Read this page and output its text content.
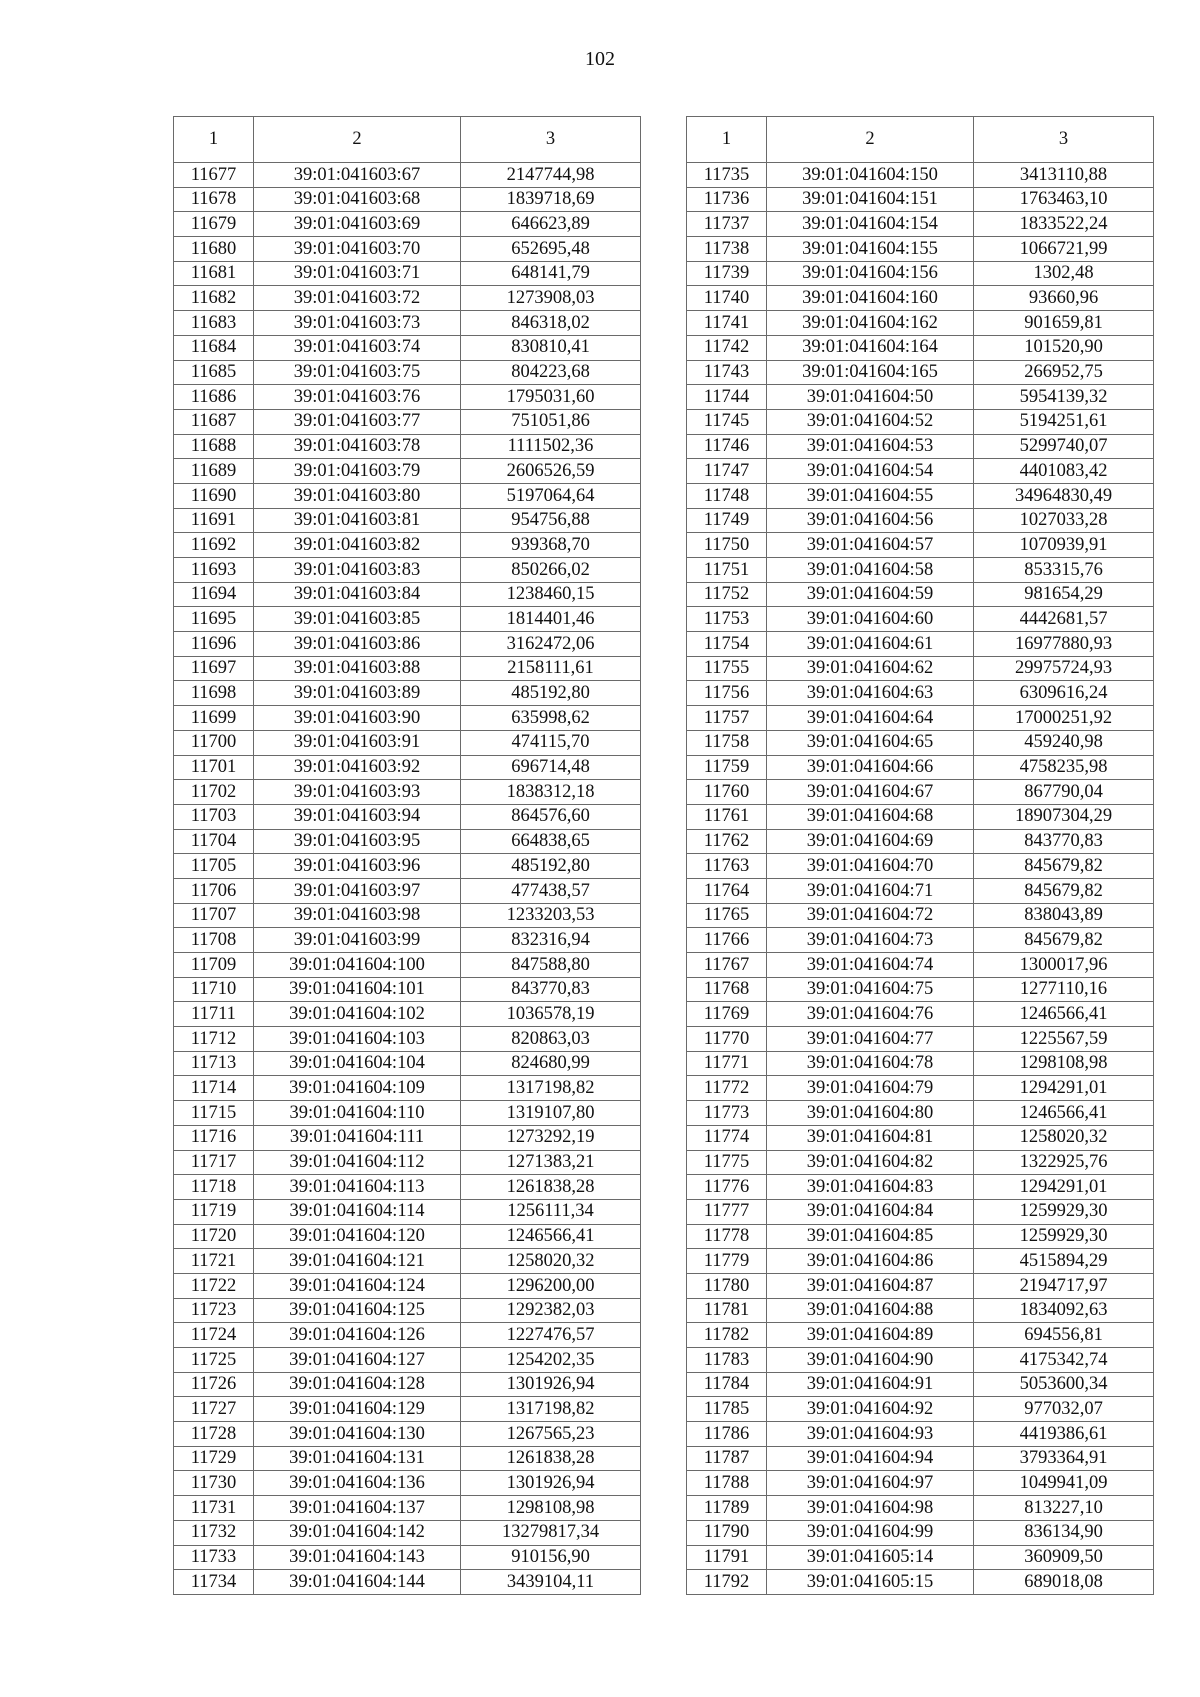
102
1	2	3
11677	39:01:041603:67	2147744,98
11678	39:01:041603:68	1839718,69
11679	39:01:041603:69	646623,89
11680	39:01:041603:70	652695,48
11681	39:01:041603:71	648141,79
11682	39:01:041603:72	1273908,03
11683	39:01:041603:73	846318,02
11684	39:01:041603:74	830810,41
11685	39:01:041603:75	804223,68
11686	39:01:041603:76	1795031,60
11687	39:01:041603:77	751051,86
11688	39:01:041603:78	1111502,36
11689	39:01:041603:79	2606526,59
11690	39:01:041603:80	5197064,64
11691	39:01:041603:81	954756,88
11692	39:01:041603:82	939368,70
11693	39:01:041603:83	850266,02
11694	39:01:041603:84	1238460,15
11695	39:01:041603:85	1814401,46
11696	39:01:041603:86	3162472,06
11697	39:01:041603:88	2158111,61
11698	39:01:041603:89	485192,80
11699	39:01:041603:90	635998,62
11700	39:01:041603:91	474115,70
11701	39:01:041603:92	696714,48
11702	39:01:041603:93	1838312,18
11703	39:01:041603:94	864576,60
11704	39:01:041603:95	664838,65
11705	39:01:041603:96	485192,80
11706	39:01:041603:97	477438,57
11707	39:01:041603:98	1233203,53
11708	39:01:041603:99	832316,94
11709	39:01:041604:100	847588,80
11710	39:01:041604:101	843770,83
11711	39:01:041604:102	1036578,19
11712	39:01:041604:103	820863,03
11713	39:01:041604:104	824680,99
11714	39:01:041604:109	1317198,82
11715	39:01:041604:110	1319107,80
11716	39:01:041604:111	1273292,19
11717	39:01:041604:112	1271383,21
11718	39:01:041604:113	1261838,28
11719	39:01:041604:114	1256111,34
11720	39:01:041604:120	1246566,41
11721	39:01:041604:121	1258020,32
11722	39:01:041604:124	1296200,00
11723	39:01:041604:125	1292382,03
11724	39:01:041604:126	1227476,57
11725	39:01:041604:127	1254202,35
11726	39:01:041604:128	1301926,94
11727	39:01:041604:129	1317198,82
11728	39:01:041604:130	1267565,23
11729	39:01:041604:131	1261838,28
11730	39:01:041604:136	1301926,94
11731	39:01:041604:137	1298108,98
11732	39:01:041604:142	13279817,34
11733	39:01:041604:143	910156,90
11734	39:01:041604:144	3439104,11
1	2	3
11735	39:01:041604:150	3413110,88
11736	39:01:041604:151	1763463,10
11737	39:01:041604:154	1833522,24
11738	39:01:041604:155	1066721,99
11739	39:01:041604:156	1302,48
11740	39:01:041604:160	93660,96
11741	39:01:041604:162	901659,81
11742	39:01:041604:164	101520,90
11743	39:01:041604:165	266952,75
11744	39:01:041604:50	5954139,32
11745	39:01:041604:52	5194251,61
11746	39:01:041604:53	5299740,07
11747	39:01:041604:54	4401083,42
11748	39:01:041604:55	34964830,49
11749	39:01:041604:56	1027033,28
11750	39:01:041604:57	1070939,91
11751	39:01:041604:58	853315,76
11752	39:01:041604:59	981654,29
11753	39:01:041604:60	4442681,57
11754	39:01:041604:61	16977880,93
11755	39:01:041604:62	29975724,93
11756	39:01:041604:63	6309616,24
11757	39:01:041604:64	17000251,92
11758	39:01:041604:65	459240,98
11759	39:01:041604:66	4758235,98
11760	39:01:041604:67	867790,04
11761	39:01:041604:68	18907304,29
11762	39:01:041604:69	843770,83
11763	39:01:041604:70	845679,82
11764	39:01:041604:71	845679,82
11765	39:01:041604:72	838043,89
11766	39:01:041604:73	845679,82
11767	39:01:041604:74	1300017,96
11768	39:01:041604:75	1277110,16
11769	39:01:041604:76	1246566,41
11770	39:01:041604:77	1225567,59
11771	39:01:041604:78	1298108,98
11772	39:01:041604:79	1294291,01
11773	39:01:041604:80	1246566,41
11774	39:01:041604:81	1258020,32
11775	39:01:041604:82	1322925,76
11776	39:01:041604:83	1294291,01
11777	39:01:041604:84	1259929,30
11778	39:01:041604:85	1259929,30
11779	39:01:041604:86	4515894,29
11780	39:01:041604:87	2194717,97
11781	39:01:041604:88	1834092,63
11782	39:01:041604:89	694556,81
11783	39:01:041604:90	4175342,74
11784	39:01:041604:91	5053600,34
11785	39:01:041604:92	977032,07
11786	39:01:041604:93	4419386,61
11787	39:01:041604:94	3793364,91
11788	39:01:041604:97	1049941,09
11789	39:01:041604:98	813227,10
11790	39:01:041604:99	836134,90
11791	39:01:041605:14	360909,50
11792	39:01:041605:15	689018,08
